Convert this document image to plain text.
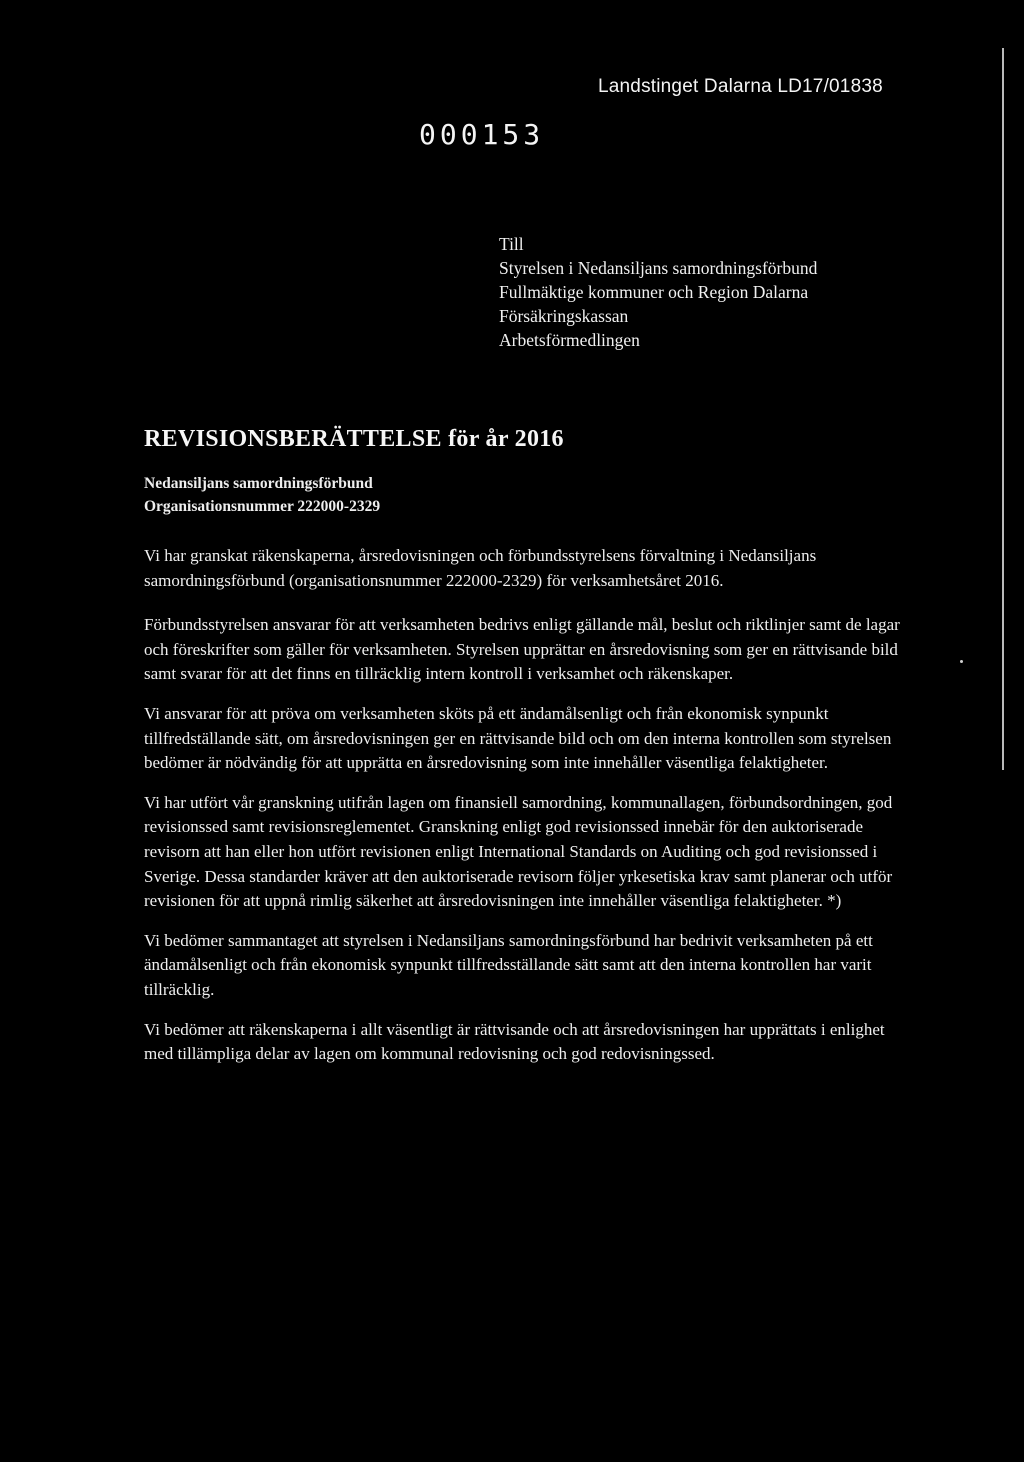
Landstinget Dalarna LD17/01838
000153
Till
Styrelsen i Nedansiljans samordningsförbund
Fullmäktige kommuner och Region Dalarna
Försäkringskassan
Arbetsförmedlingen
REVISIONSBERÄTTELSE för år 2016
Nedansiljans samordningsförbund
Organisationsnummer 222000-2329

Vi har granskat räkenskaperna, årsredovisningen och förbundsstyrelsens förvaltning i Nedansiljans samordningsförbund (organisationsnummer 222000-2329) för verksamhetsåret 2016.

Förbundsstyrelsen ansvarar för att verksamheten bedrivs enligt gällande mål, beslut och riktlinjer samt de lagar och föreskrifter som gäller för verksamheten. Styrelsen upprättar en årsredovisning som ger en rättvisande bild samt svarar för att det finns en tillräcklig intern kontroll i verksamhet och räkenskaper.

Vi ansvarar för att pröva om verksamheten sköts på ett ändamålsenligt och från ekonomisk synpunkt tillfredställande sätt, om årsredovisningen ger en rättvisande bild och om den interna kontrollen som styrelsen bedömer är nödvändig för att upprätta en årsredovisning som inte innehåller väsentliga felaktigheter.

Vi har utfört vår granskning utifrån lagen om finansiell samordning, kommunallagen, förbundsordningen, god revisionssed samt revisionsreglementet. Granskning enligt god revisionssed innebär för den auktoriserade revisorn att han eller hon utfört revisionen enligt International Standards on Auditing och god revisionssed i Sverige. Dessa standarder kräver att den auktoriserade revisorn följer yrkesetiska krav samt planerar och utför revisionen för att uppnå rimlig säkerhet att årsredovisningen inte innehåller väsentliga felaktigheter. *)

Vi bedömer sammantaget att styrelsen i Nedansiljans samordningsförbund har bedrivit verksamheten på ett ändamålsenligt och från ekonomisk synpunkt tillfredsställande sätt samt att den interna kontrollen har varit tillräcklig.

Vi bedömer att räkenskaperna i allt väsentligt är rättvisande och att årsredovisningen har upprättats i enlighet med tillämpliga delar av lagen om kommunal redovisning och god redovisningssed.
